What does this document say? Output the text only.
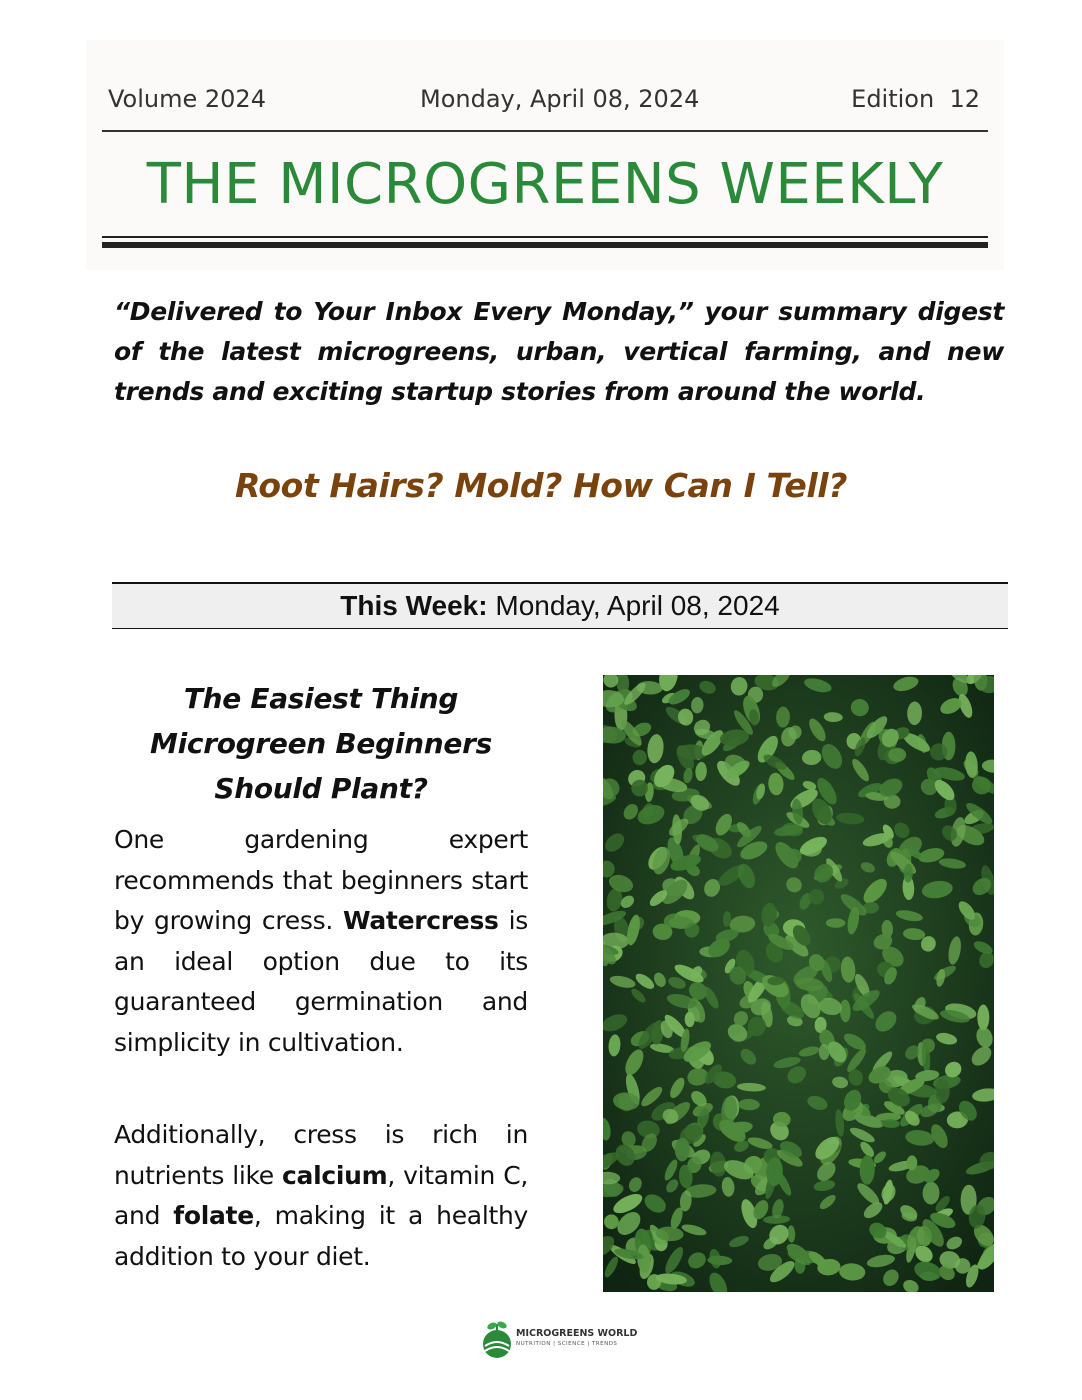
Volume 2024	Monday, April 08, 2024	Edition  12
THE MICROGREENS WEEKLY
“Delivered to Your Inbox Every Monday,” your summary digest of the latest microgreens, urban, vertical farming, and new trends and exciting startup stories from around the world.
Root Hairs? Mold? How Can I Tell?
This Week: Monday, April 08, 2024
The Easiest Thing Microgreen Beginners Should Plant?
One gardening expert recommends that beginners start by growing cress. Watercress is an ideal option due to its guaranteed germination and simplicity in cultivation.
Additionally, cress is rich in nutrients like calcium, vitamin C, and folate, making it a healthy addition to your diet.
MICROGREENS WORLD
NUTRITION | SCIENCE | TRENDS
